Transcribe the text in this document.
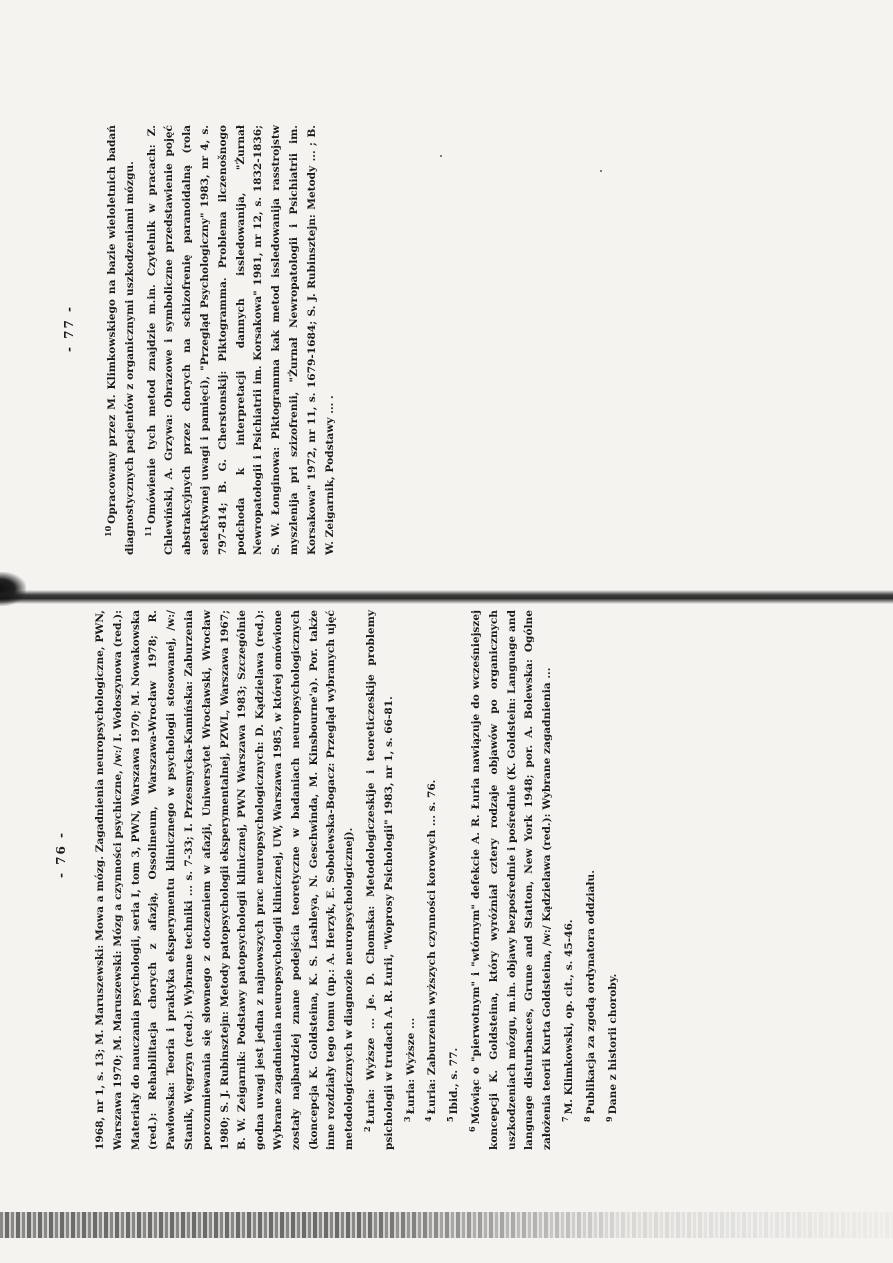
- 77 -

$^{10}$Opracowany przez M. Klimkowskiego na bazie wieloletnich badań diagnostycznych pacjentów z organicznymi uszkodzeniami mózgu. $^{11}$Omówienie tych metod znajdzie m.in. Czytelnik w pracach: Z. Chlewiński, A. Grzywa: Obrazowe i symboliczne przedstawienie pojęć abstrakcyjnych przez chorych na schizofrenię paranoidalną (rola selektywnej uwagi i pamięci), "Przegląd Psychologiczny" 1983, nr 4, s. 797-814; B. G. Cherstonskij: Piktogramma. Problema ilczenošnogo podchoda k interpretacji dannych issledowanija, "Żurnał Newropatołogii i Psichiatrii im. Korsakowa" 1981, nr 12, s. 1832-1836; S. W. Łonginowa: Piktogramma kak metod issledowanija rasstrojstw myszlenija pri szizofrenii, "Żurnał Newropatologii i Psichiatrii im. Korsakowa" 1972, nr 11, s. 1679-1684; S. J. Rubinsztejn: Metody ... ; B. W. Zeigarnik, Podstawy ... .

- 76 - 1968, nr 1, s. 13; M. Maruszewski: Mowa a mózg. Zagadnienia neuropsychologiczne, PWN, Warszawa 1970; M. Maruszewski: Mózg a czynności psychiczne, /w:/ I. Wołoszynowa (red.): Materiały do nauczania psychologii, seria I, tom 3, PWN, Warszawa 1970; M. Nowakowska (red.): Rehabilitacja chorych z afazją, Ossolineum, Warszawa-Wrocław 1978; R. Pawłowska: Teoria i praktyka eksperymentu klinicznego w psychologii stosowanej, /w:/ Stanik, Węgrzyn (red.): Wybrane techniki ... s. 7-33; I. Przesmycka-Kamińska: Zaburzenia porozumiewania się słownego z otoczeniem w afazji, Uniwersytet Wrocławski, Wrocław 1980; S. J. Rubinsztejn: Metody patopsychologii eksperymentalnej, PZWL, Warszawa 1967; B. W. Zeigarnik: Podstawy patopsychologii klinicznej, PWN Warszawa 1983; Szczególnie godna uwagi jest jedna z najnowszych prac neuropsychologicznych: D. Kądzielawa (red.): Wybrane zagadnienia neuropsychologii klinicznej, UW, Warszawa 1985, w której omówione zostały najbardziej znane podejścia teoretyczne w badaniach neuropsychologicznych (koncepcja K. Goldsteina, K. S. Lashleya, N. Geschwinda, M. Kinsbourne'a). Por. także inne rozdziały tego tomu (np.: A. Herzyk, E. Sobolewska-Bogacz: Przegląd wybranych ujęć metodologicznych w diagnozie neuropsychologicznej). $^2$Łuria: Wyższe ... Je. D. Chomska: Metodologiczeskije i teoreticzeskije problemy psichologii w trudach A. R. Łurii, "Woprosy Psichologii" 1983, nr 1, s. 66-81. $^3$Łuria: Wyższe ...

$^4$Łuria: Zaburzenia wyższych czynności korowych ... s. 76.

$^5$Ibid., s. 77.

$^6$Mówiąc o "pierwotnym" i "wtórnym" defekcie A. R. Łuria nawiązuje do wcześniejszej koncepcji K. Goldsteina, który wyróżniał cztery rodzaje objawów po organicznych uszkodzeniach mózgu, m.in. objawy bezpośrednie i pośrednie (K. Goldstein: Language and language disturbances, Grune and Statton, New York 1948; por. A. Bolewska: Ogólne założenia teorii Kurta Goldsteina, /w:/ Kądzielawa (red.): Wybrane zagadnienia ... $^7$M. Klimkowski, op. cit., s. 45-46.

$^8$Publikacja za zgodą ordynatora oddziału.

$^9$Dane z historii choroby.
